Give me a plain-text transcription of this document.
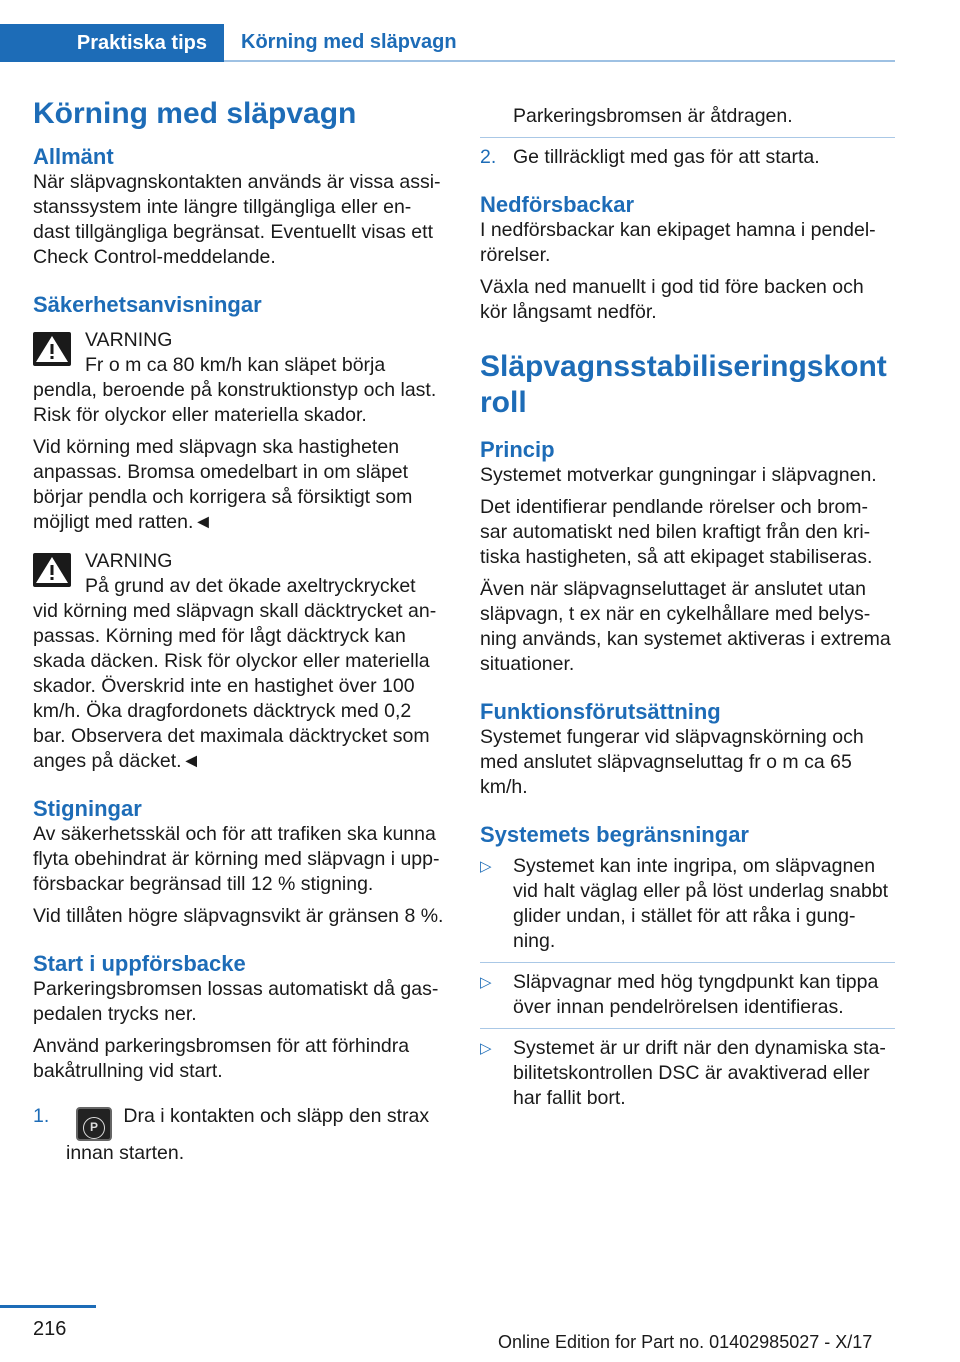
Praktiska tips	Körning med släpvagn
Körning med släpvagn
Allmänt

När släpvagnskontakten används är vissa assi-stanssystem inte längre tillgängliga eller en-dast tillgängliga begränsat. Eventuellt visas ett Check Control-meddelande.

Säkerhetsanvisningar
VARNING
Fr o m ca 80 km/h kan släpet börja
pendla, beroende på konstruktionstyp och last. Risk för olyckor eller materiella skador.

Vid körning med släpvagn ska hastigheten anpassas. Bromsa omedelbart in om släpet börjar pendla och korrigera så försiktigt som möjligt med ratten.◄

VARNING
På grund av det ökade axeltryckrycket
vid körning med släpvagn skall däcktrycket an-passas. Körning med för lågt däcktryck kan skada däcken. Risk för olyckor eller materiella skador. Överskrid inte en hastighet över 100 km/h. Öka dragfordonets däcktryck med 0,2 bar. Observera det maximala däcktrycket som anges på däcket.◄
Stigningar

Av säkerhetsskäl och för att trafiken ska kunna flyta obehindrat är körning med släpvagn i upp-försbackar begränsad till 12 % stigning.

Vid tillåten högre släpvagnsvikt är gränsen 8 %.

Start i uppförsbacke

Parkeringsbromsen lossas automatiskt då gas-pedalen trycks ner.

Använd parkeringsbromsen för att förhindra bakåtrullning vid start.

1.	P Dra i kontakten och släpp den strax innan starten.
Parkeringsbromsen är åtdragen.
2. Ge tillräckligt med gas för att starta.
Nedförsbackar

I nedförsbackar kan ekipaget hamna i pendel-rörelser.

Växla ned manuellt i god tid före backen och kör långsamt nedför.

Släpvagnsstabiliseringskontroll
Princip

Systemet motverkar gungningar i släpvagnen.

Det identifierar pendlande rörelser och brom-sar automatiskt ned bilen kraftigt från den kri-tiska hastigheten, så att ekipaget stabiliseras.

Även när släpvagnseluttaget är anslutet utan släpvagn, t ex när en cykelhållare med belys-ning används, kan systemet aktiveras i extrema situationer.

Funktionsförutsättning

Systemet fungerar vid släpvagnskörning och med anslutet släpvagnseluttag fr o m ca 65 km/h.

Systemets begränsningar
▷ Systemet kan inte ingripa, om släpvagnen vid halt väglag eller på löst underlag snabbt glider undan, i stället för att råka i gung-ning.
▷ Släpvagnar med hög tyngdpunkt kan tippa över innan pendelrörelsen identifieras.
▷ Systemet är ur drift när den dynamiska sta-bilitetskontrollen DSC är avaktiverad eller har fallit bort.
216
Online Edition for Part no. 01402985027 - X/17
